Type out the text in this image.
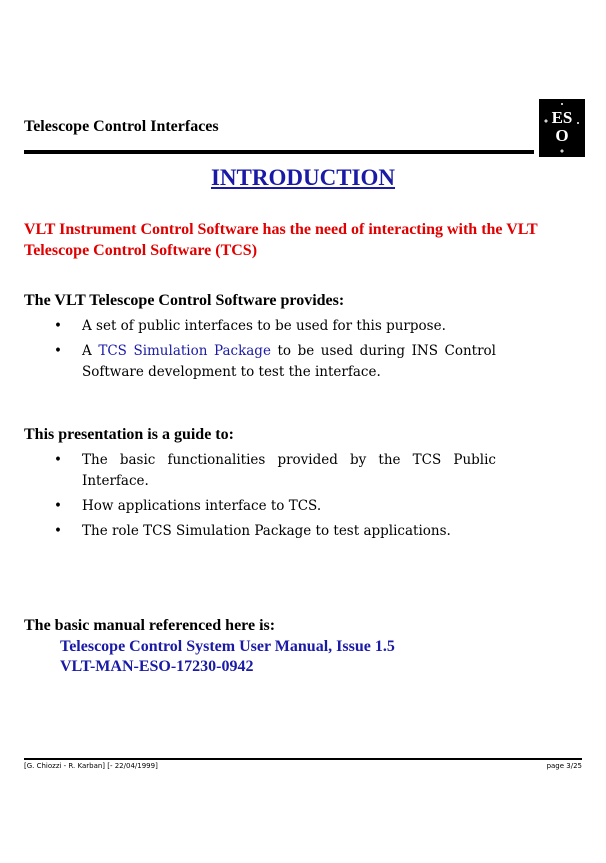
Telescope Control Interfaces	ES
O
INTRODUCTION
VLT Instrument Control Software has the need of interacting with the VLT Telescope Control Software (TCS)
The VLT Telescope Control Software provides:
• A set of public interfaces to be used for this purpose.
• A TCS Simulation Package to be used during INS Control Software development to test the interface.
This presentation is a guide to:
• The basic functionalities provided by the TCS Public Interface.
• How applications interface to TCS.
• The role TCS Simulation Package to test applications.
The basic manual referenced here is:
Telescope Control System User Manual, Issue 1.5
VLT-MAN-ESO-17230-0942
[G. Chiozzi - R. Karban] [- 22/04/1999]	page 3/25
